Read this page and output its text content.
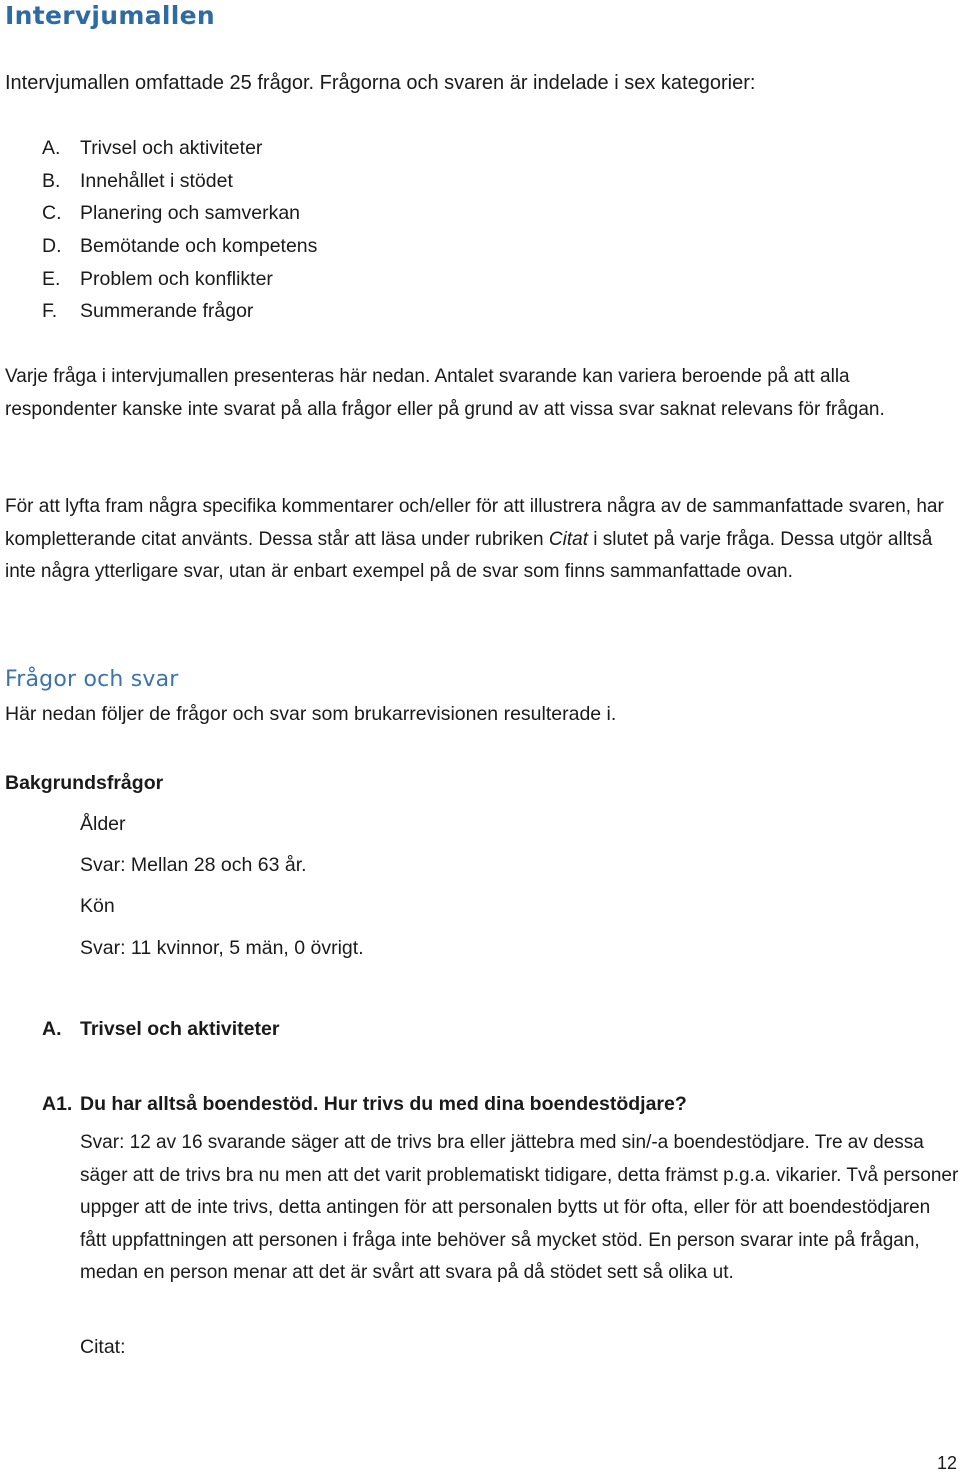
Intervjumallen

Intervjumallen omfattade 25 frågor. Frågorna och svaren är indelade i sex kategorier:

A. Trivsel och aktiviteter
B. Innehållet i stödet
C. Planering och samverkan
D. Bemötande och kompetens
E. Problem och konflikter
F. Summerande frågor

Varje fråga i intervjumallen presenteras här nedan. Antalet svarande kan variera beroende på att alla respondenter kanske inte svarat på alla frågor eller på grund av att vissa svar saknat relevans för frågan.

För att lyfta fram några specifika kommentarer och/eller för att illustrera några av de sammanfattade svaren, har kompletterande citat använts. Dessa står att läsa under rubriken Citat i slutet på varje fråga. Dessa utgör alltså inte några ytterligare svar, utan är enbart exempel på de svar som finns sammanfattade ovan.

Frågor och svar

Här nedan följer de frågor och svar som brukarrevisionen resulterade i.

Bakgrundsfrågor

Ålder

Svar: Mellan 28 och 63 år.

Kön

Svar: 11 kvinnor, 5 män, 0 övrigt.

A. Trivsel och aktiviteter

A1. Du har alltså boendestöd. Hur trivs du med dina boendestödjare?

Svar: 12 av 16 svarande säger att de trivs bra eller jättebra med sin/-a boendestödjare. Tre av dessa säger att de trivs bra nu men att det varit problematiskt tidigare, detta främst p.g.a. vikarier. Två personer uppger att de inte trivs, detta antingen för att personalen bytts ut för ofta, eller för att boendestödjaren fått uppfattningen att personen i fråga inte behöver så mycket stöd. En person svarar inte på frågan, medan en person menar att det är svårt att svara på då stödet sett så olika ut.

Citat:

12
